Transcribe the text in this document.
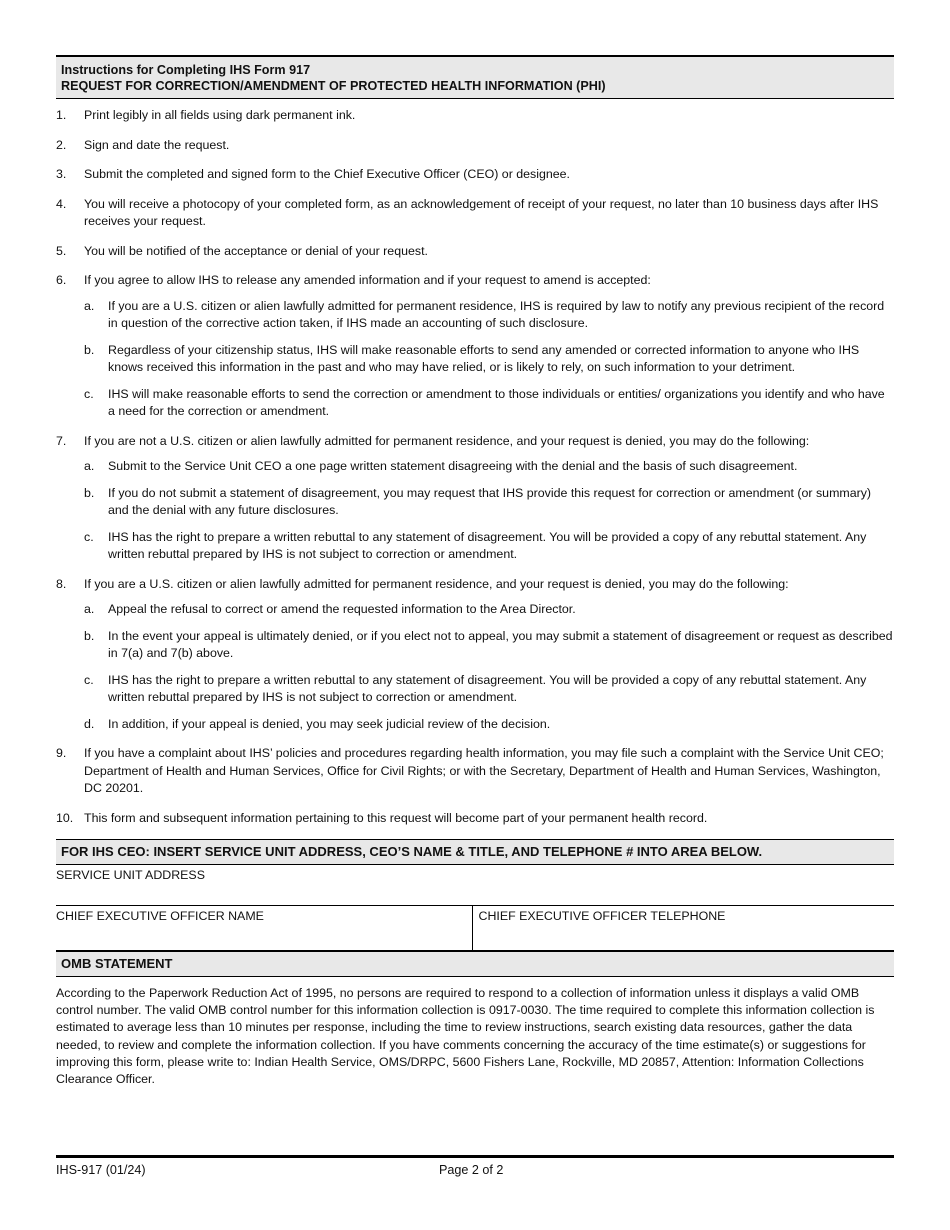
Instructions for Completing IHS Form 917
REQUEST FOR CORRECTION/AMENDMENT OF PROTECTED HEALTH INFORMATION (PHI)
1.	Print legibly in all fields using dark permanent ink.
2.	Sign and date the request.
3.	Submit the completed and signed form to the Chief Executive Officer (CEO) or designee.
4.	You will receive a photocopy of your completed form, as an acknowledgement of receipt of your request, no later than 10 business days after IHS receives your request.
5.	You will be notified of the acceptance or denial of your request.
6.	If you agree to allow IHS to release any amended information and if your request to amend is accepted:
a.	If you are a U.S. citizen or alien lawfully admitted for permanent residence, IHS is required by law to notify any previous recipient of the record in question of the corrective action taken, if IHS made an accounting of such disclosure.
b.	Regardless of your citizenship status, IHS will make reasonable efforts to send any amended or corrected information to anyone who IHS knows received this information in the past and who may have relied, or is likely to rely, on such information to your detriment.
c.	IHS will make reasonable efforts to send the correction or amendment to those individuals or entities/ organizations you identify and who have a need for the correction or amendment.
7.	If you are not a U.S. citizen or alien lawfully admitted for permanent residence, and your request is denied, you may do the following:
a.	Submit to the Service Unit CEO a one page written statement disagreeing with the denial and the basis of such disagreement.
b.	If you do not submit a statement of disagreement, you may request that IHS provide this request for correction or amendment (or summary) and the denial with any future disclosures.
c.	IHS has the right to prepare a written rebuttal to any statement of disagreement. You will be provided a copy of any rebuttal statement. Any written rebuttal prepared by IHS is not subject to correction or amendment.
8.	If you are a U.S. citizen or alien lawfully admitted for permanent residence, and your request is denied, you may do the following:
a.	Appeal the refusal to correct or amend the requested information to the Area Director.
b.	In the event your appeal is ultimately denied, or if you elect not to appeal, you may submit a statement of disagreement or request as described in 7(a) and 7(b) above.
c.	IHS has the right to prepare a written rebuttal to any statement of disagreement. You will be provided a copy of any rebuttal statement. Any written rebuttal prepared by IHS is not subject to correction or amendment.
d.	In addition, if your appeal is denied, you may seek judicial review of the decision.
9.	If you have a complaint about IHS’ policies and procedures regarding health information, you may file such a complaint with the Service Unit CEO; Department of Health and Human Services, Office for Civil Rights; or with the Secretary, Department of Health and Human Services, Washington, DC 20201.
10. This form and subsequent information pertaining to this request will become part of your permanent health record.
FOR IHS CEO: INSERT SERVICE UNIT ADDRESS, CEO’S NAME & TITLE, AND TELEPHONE # INTO AREA BELOW.
SERVICE UNIT ADDRESS
CHIEF EXECUTIVE OFFICER NAME	CHIEF EXECUTIVE OFFICER TELEPHONE
OMB STATEMENT
According to the Paperwork Reduction Act of 1995, no persons are required to respond to a collection of information unless it displays a valid OMB control number. The valid OMB control number for this information collection is 0917-0030. The time required to complete this information collection is estimated to average less than 10 minutes per response, including the time to review instructions, search existing data resources, gather the data needed, to review and complete the information collection. If you have comments concerning the accuracy of the time estimate(s) or suggestions for improving this form, please write to: Indian Health Service, OMS/DRPC, 5600 Fishers Lane, Rockville, MD 20857, Attention: Information Collections Clearance Officer.
IHS-917 (01/24)	Page 2 of 2
